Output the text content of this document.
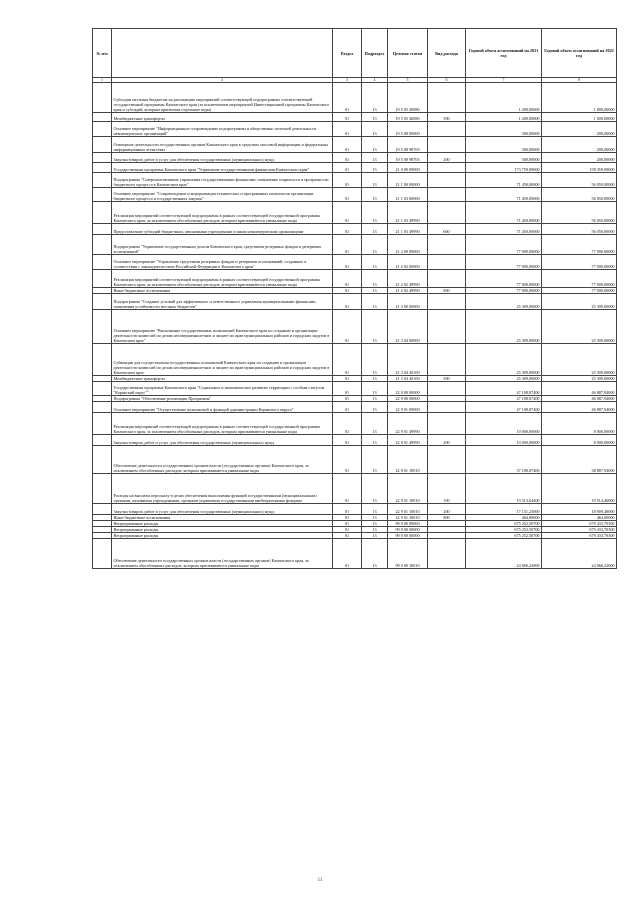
№ п/п		Раздел	Подраздел	Целевая статья	Вид расхода	Годовой объем ассигнований на 2021 год	Годовой объем ассигнований на 2022 год
1	2	3	4	5	6	7	8
	Субсидии местным бюджетам на реализацию мероприятий соответствующей подпрограммы соответствующей государственной программы Камчатского края (за исключением мероприятий Инвестиционной программы Камчатского края и субсидий, которым присвоены отдельные коды)	01	13	19 5 05 40080		1 200,00000	1 000,00000
	Межбюджетные трансферты	01	13	19 5 05 40080	500	1 200,00000	1 000,00000
	Основное мероприятие "Информационное сопровождение подпрограммы и общественно полезной деятельности некоммерческих организаций"	01	13	19 5 08 00000		300,00000	200,00000
	Освещение деятельности государственных органов Камчатского края в средствах массовой информации и федеральных информационных агентствах	01	13	19 5 08 98703		300,00000	200,00000
	Закупка товаров, работ и услуг для обеспечения государственных (муниципальных) нужд	01	13	19 5 08 98703	200	300,00000	200,00000
	Государственная программа Камчатского края "Управление государственными финансами Камчатского края"	01	13	21 0 00 00000		173 759,00000	158 359,00000
	Подпрограмма "Совершенствование управления государственными финансами, повышение открытости и прозрачности бюджетного процесса в Камчатском крае"	01	13	21 1 00 00000		71 450,00000	56 050,00000
	Основное мероприятие "Сопровождение и модернизация технических и программных комплексов организации бюджетного процесса и государственных закупок"	01	13	21 1 03 00000		71 450,00000	56 050,00000
	Реализация мероприятий соответствующей подпрограммы в рамках соответствующей государственной программы Камчатского края, за исключением обособленных расходов, которым присваиваются уникальные коды	01	13	21 1 03 49990		71 450,00000	56 050,00000
	Предоставление субсидий бюджетным, автономным учреждениям и иным некоммерческим организациям	01	13	21 1 03 49990	600	71 450,00000	56 050,00000
	Подпрограмма "Управление государственным долгом Камчатского края, средствами резервных фондов и резервами ассигнований"	01	13	21 2 00 00000		77 000,00000	77 000,00000
	Основное мероприятие "Управление средствами резервных фондов и резервами ассигнований, созданных в соответствии с законодательством Российской Федерации и Камчатского края"	01	13	21 2 02 00000		77 000,00000	77 000,00000
	Реализация мероприятий соответствующей подпрограммы в рамках соответствующей государственной программы Камчатского края, за исключением обособленных расходов, которым присваиваются уникальные коды	01	13	21 2 02 49990		77 000,00000	77 000,00000
	Иные бюджетные ассигнования	01	13	21 2 02 49990	800	77 000,00000	77 000,00000
	Подпрограмма "Создание условий для эффективного и ответственного управления муниципальными финансами, повышения устойчивости местных бюджетов"	01	13	21 3 00 00000		25 309,00000	25 309,00000
	Основное мероприятие "Выполнение государственных полномочий Камчатского края по созданию и организации деятельности комиссий по делам несовершеннолетних и защите их прав муниципальных районов и городских округов в Камчатском крае"	01	13	21 3 04 00000		25 309,00000	25 309,00000
	Субвенции для осуществления государственных полномочий Камчатского края по созданию и организации деятельности комиссий по делам несовершеннолетних и защите их прав муниципальных районов и городских округов в Камчатском крае	01	13	21 3 04 40100		25 309,00000	25 309,00000
	Межбюджетные трансферты	01	13	21 3 04 40100	500	25 309,00000	25 309,00000
	Государственная программа Камчатского края "Социальное и экономическое развитие территории с особым статусом "Корякский округ""	01	13	22 0 00 00000		47 108,87400	46 887,94000
	Подпрограмма "Обеспечение реализации Программы"	01	13	22 9 00 00000		47 108,87400	46 887,94000
	Основное мероприятие "Осуществление полномочий и функций администрации Корякского округа"	01	13	22 9 01 00000		47 108,87400	46 887,94000
	Реализация мероприятий соответствующей подпрограммы в рамках соответствующей государственной программы Камчатского края, за исключением обособленных расходов, которым присваиваются уникальные коды	01	13	22 9 01 49990		10 000,00000	8 000,00000
	Закупка товаров, работ и услуг для обеспечения государственных (муниципальных) нужд	01	13	22 9 01 49990	200	10 000,00000	8 000,00000
	Обеспечение деятельности государственных органов власти (государственных органов) Камчатского края, за исключением обособленных расходов, которым присваиваются уникальные коды	01	13	22 9 01 10010		37 108,87400	38 887,94000
	Расходы на выплаты персоналу в целях обеспечения выполнения функций государственными (муниципальными) органами, казенными учреждениями, органами управления государственными внебюджетными фондами	01	13	22 9 01 10010	100	19 513,64400	19 514,46000
	Закупка товаров, работ и услуг для обеспечения государственных (муниципальных) нужд	01	13	22 9 01 10010	200	17 131,23000	18 909,48000
	Иные бюджетные ассигнования	01	13	22 9 01 10010	800	464,00000	464,00000
	Непрограммные расходы	01	13	99 0 00 00000		675 252,50700	679 433,70300
	Непрограммные расходы	01	13	99 0 00 00000		675 252,50700	679 433,70300
	Непрограммные расходы	01	13	99 0 00 00000		675 252,50700	679 433,70300
	Обеспечение деятельности государственных органов власти (государственных органов) Камчатского края, за исключением обособленных расходов, которым присваиваются уникальные коды	01	13	99 0 00 10010		24 066,22000	24 066,22000
11
